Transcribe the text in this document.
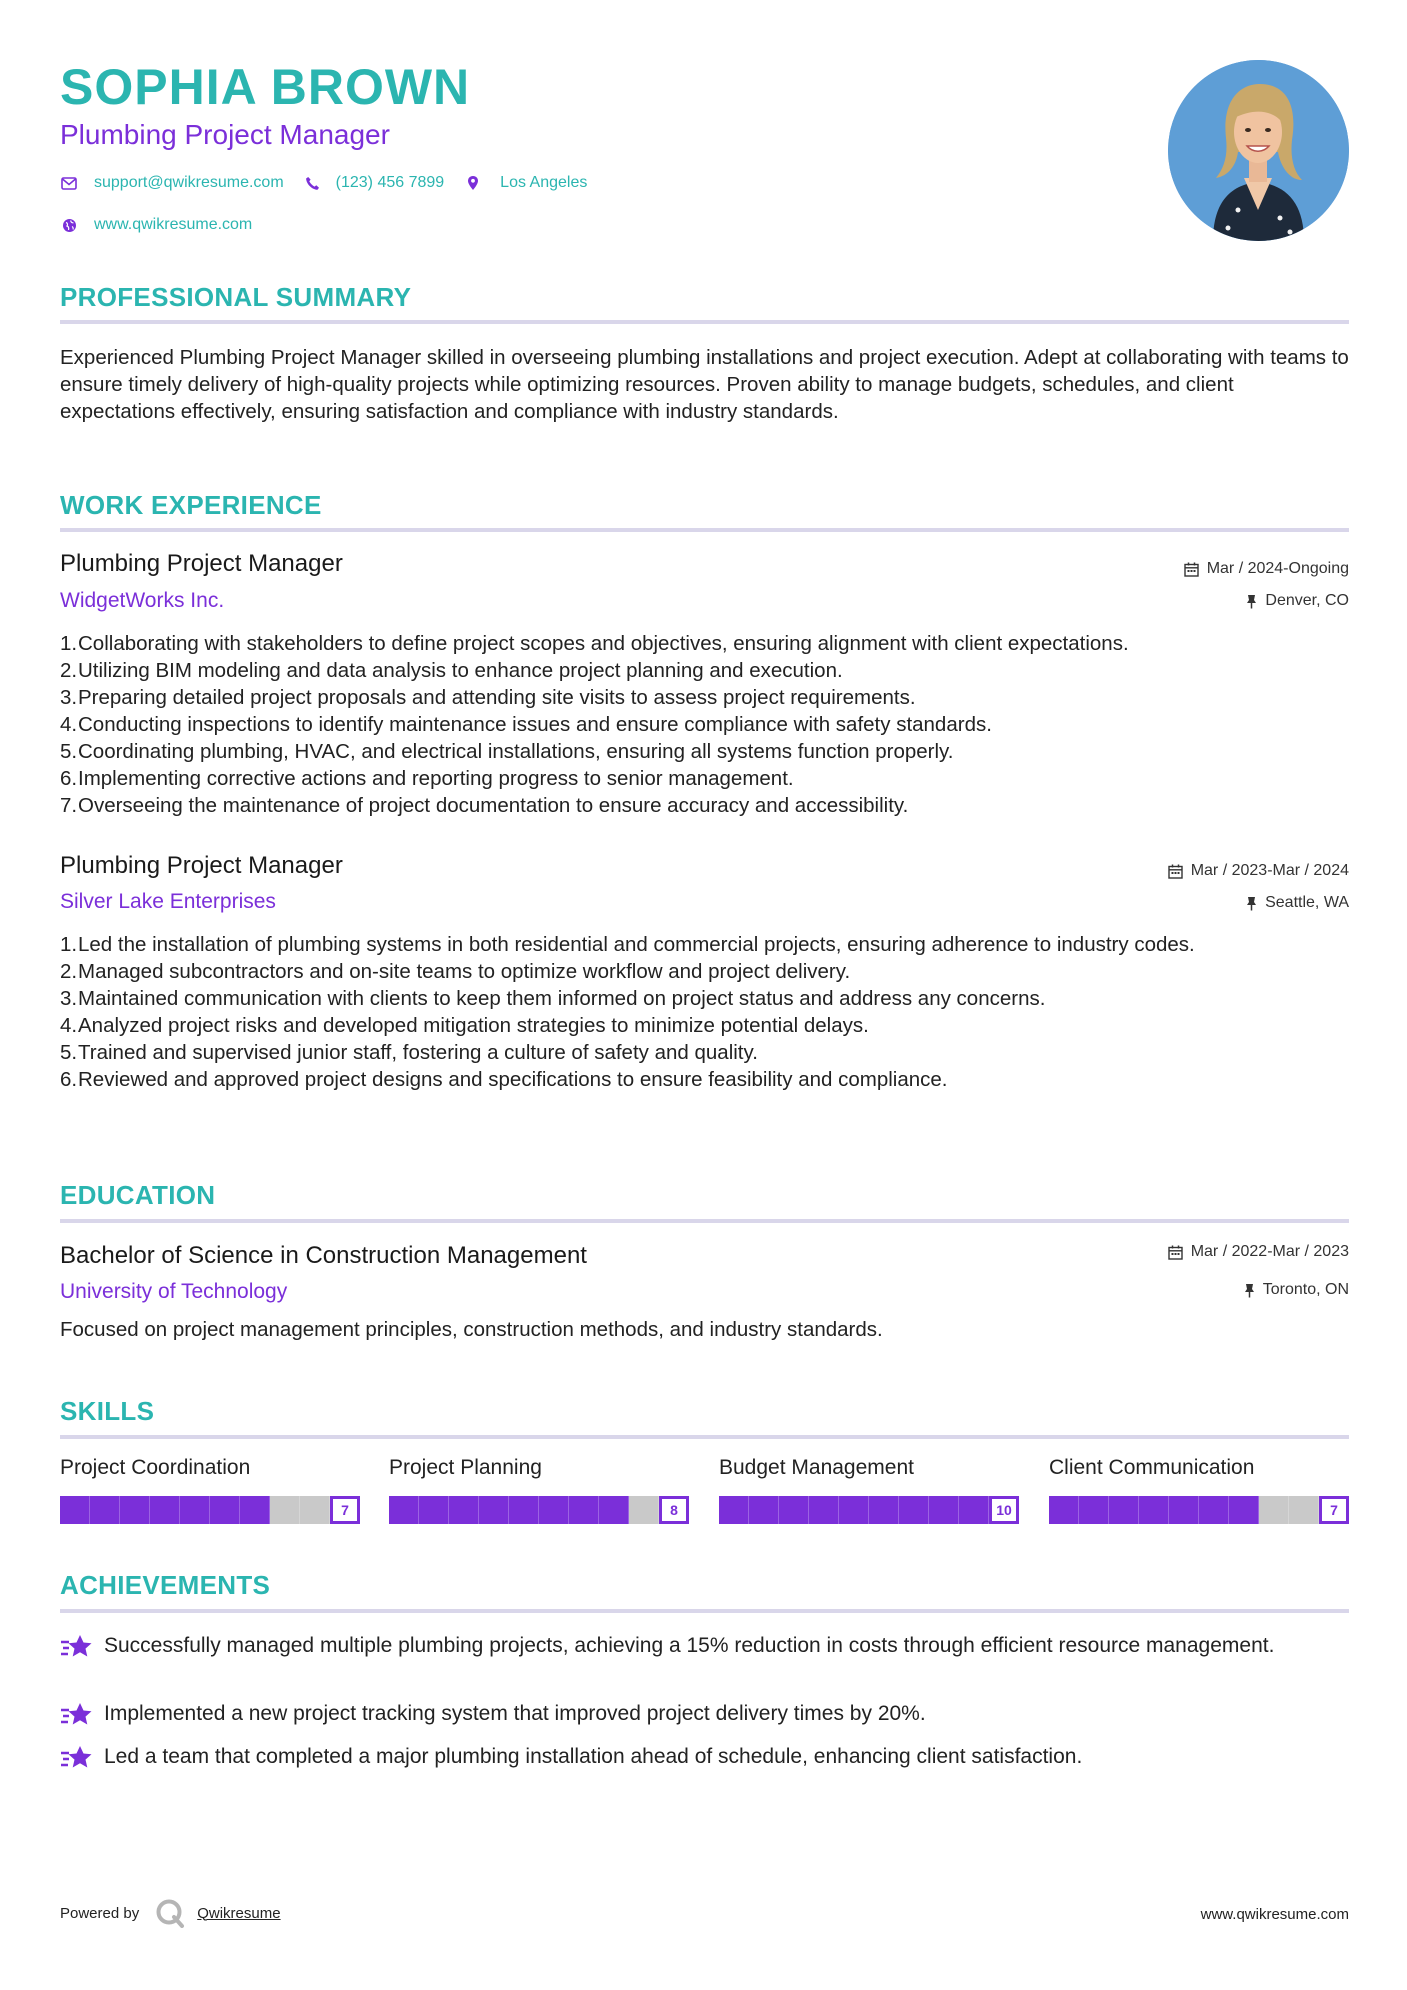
SOPHIA BROWN
Plumbing Project Manager
support@qwikresume.com	(123) 456 7899	Los Angeles
www.qwikresume.com
PROFESSIONAL SUMMARY
Experienced Plumbing Project Manager skilled in overseeing plumbing installations and project execution. Adept at collaborating with teams to ensure timely delivery of high-quality projects while optimizing resources. Proven ability to manage budgets, schedules, and client expectations effectively, ensuring satisfaction and compliance with industry standards.
WORK EXPERIENCE
Plumbing Project Manager	Mar / 2024-Ongoing
WidgetWorks Inc.	Denver, CO
1. Collaborating with stakeholders to define project scopes and objectives, ensuring alignment with client expectations.
2. Utilizing BIM modeling and data analysis to enhance project planning and execution.
3. Preparing detailed project proposals and attending site visits to assess project requirements.
4. Conducting inspections to identify maintenance issues and ensure compliance with safety standards.
5. Coordinating plumbing, HVAC, and electrical installations, ensuring all systems function properly.
6. Implementing corrective actions and reporting progress to senior management.
7. Overseeing the maintenance of project documentation to ensure accuracy and accessibility.
Plumbing Project Manager	Mar / 2023-Mar / 2024
Silver Lake Enterprises	Seattle, WA
1. Led the installation of plumbing systems in both residential and commercial projects, ensuring adherence to industry codes.
2. Managed subcontractors and on-site teams to optimize workflow and project delivery.
3. Maintained communication with clients to keep them informed on project status and address any concerns.
4. Analyzed project risks and developed mitigation strategies to minimize potential delays.
5. Trained and supervised junior staff, fostering a culture of safety and quality.
6. Reviewed and approved project designs and specifications to ensure feasibility and compliance.
EDUCATION
Bachelor of Science in Construction Management	Mar / 2022-Mar / 2023
University of Technology	Toronto, ON
Focused on project management principles, construction methods, and industry standards.
SKILLS
Project Coordination
7
Project Planning
8
Budget Management
10
Client Communication
7
ACHIEVEMENTS
Successfully managed multiple plumbing projects, achieving a 15% reduction in costs through efficient resource management.
Implemented a new project tracking system that improved project delivery times by 20%.
Led a team that completed a major plumbing installation ahead of schedule, enhancing client satisfaction.
Powered by	Qwikresume	www.qwikresume.com
